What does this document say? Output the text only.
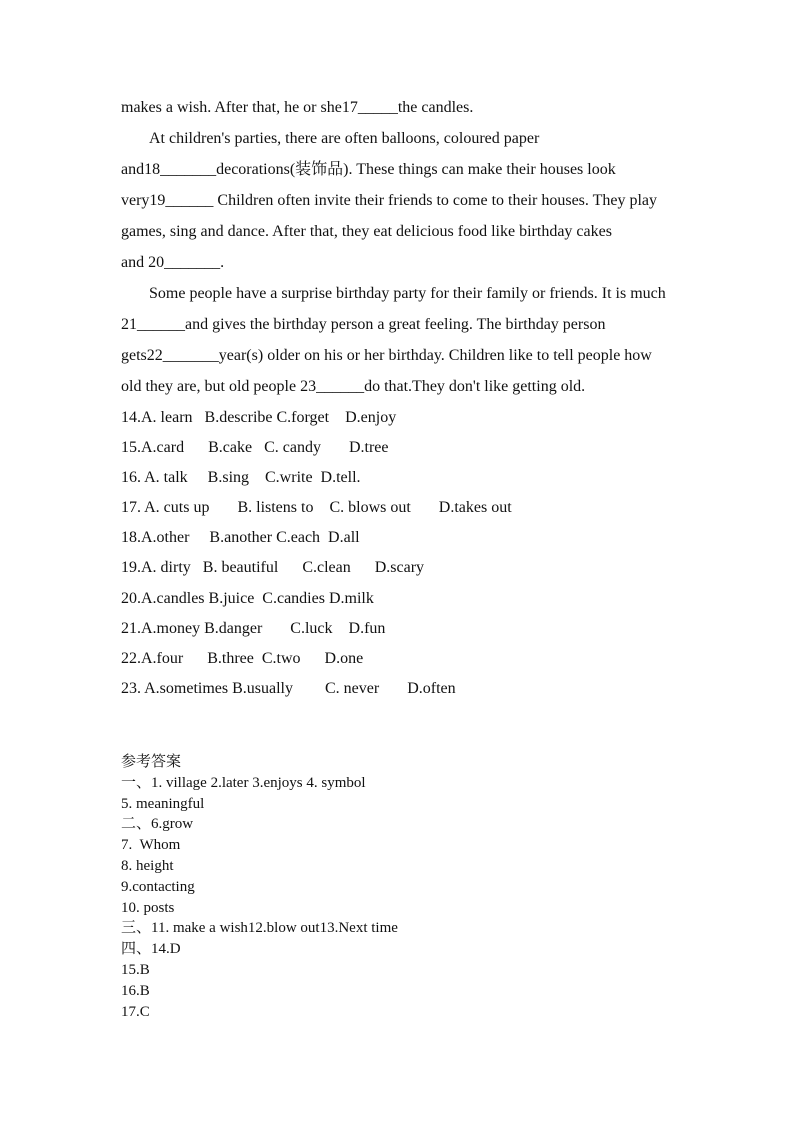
makes a wish. After that, he or she17_____the candles.
At children's parties, there are often balloons, coloured paper
and18_______decorations(装饰品). These things can make their houses look
very19______ Children often invite their friends to come to their houses. They play
games, sing and dance. After that, they eat delicious food like birthday cakes
and 20_______.
Some people have a surprise birthday party for their family or friends. It is much
21______and gives the birthday person a great feeling. The birthday person
gets22_______year(s) older on his or her birthday. Children like to tell people how
old they are, but old people 23______do that.They don't like getting old.
14.A. learn   B.describe C.forget    D.enjoy
15.A.card      B.cake   C. candy       D.tree
16. A. talk     B.sing    C.write  D.tell.
17. A. cuts up       B. listens to    C. blows out       D.takes out
18.A.other     B.another C.each  D.all
19.A. dirty   B. beautiful      C.clean      D.scary
20.A.candles B.juice  C.candies D.milk
21.A.money B.danger       C.luck    D.fun
22.A.four      B.three  C.two      D.one
23. A.sometimes B.usually        C. never       D.often
参考答案
一、1. village 2.later 3.enjoys 4. symbol
5. meaningful
二、6.grow
7.  Whom
8. height
9.contacting
10. posts
三、11. make a wish12.blow out13.Next time
四、14.D
15.B
16.B
17.C
